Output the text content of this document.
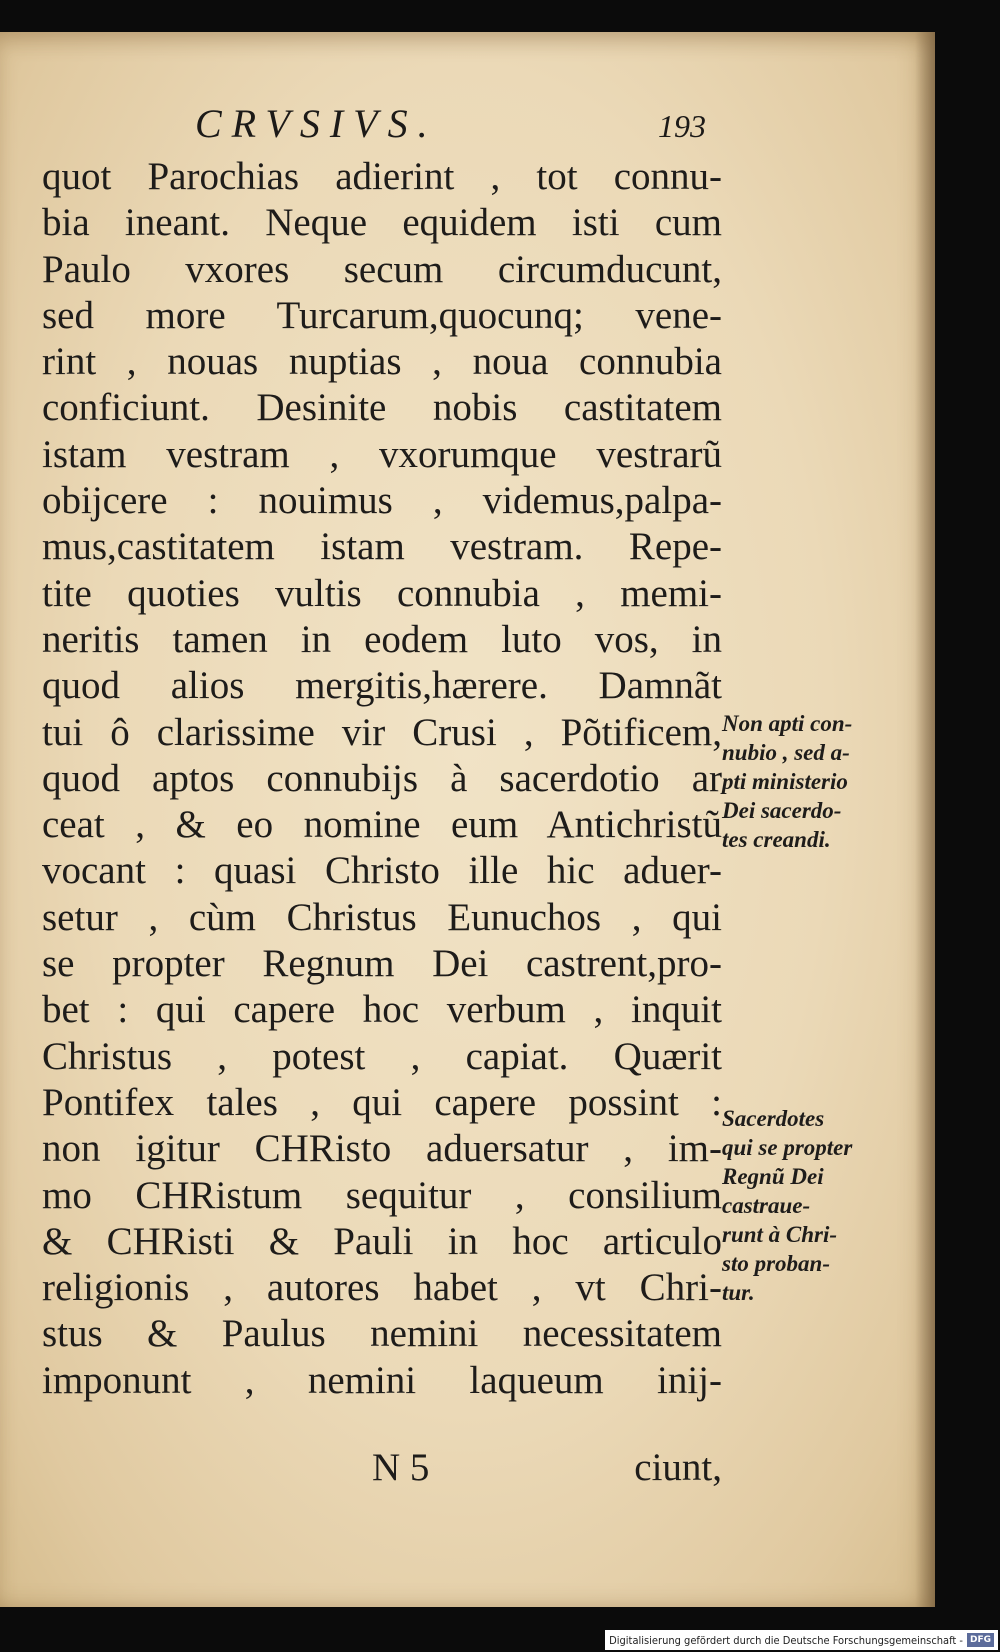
CRVSIVS.	193
quot Parochias adierint , tot connu-
bia ineant. Neque equidem isti cum
Paulo vxores secum circumducunt,
sed more Turcarum,quocunq; vene-
rint , nouas nuptias , noua connubia
conficiunt. Desinite nobis castitatem
istam vestram , vxorumque vestrarũ
obijcere : nouimus , videmus,palpa-
mus,castitatem istam vestram. Repe-
tite quoties vultis connubia , memi-
neritis tamen in eodem luto vos, in
quod alios mergitis,hærere. Damnãt
tui ô clarissime vir Crusi , Põtificem,
quod aptos connubijs à sacerdotio ar
ceat , & eo nomine eum Antichristũ
vocant : quasi Christo ille hic aduer-
setur , cùm Christus Eunuchos , qui
se propter Regnum Dei castrent,pro-
bet : qui capere hoc verbum , inquit
Christus , potest , capiat. Quærit
Pontifex tales , qui capere possint :
non igitur CHRisto aduersatur , im-
mo CHRistum sequitur , consilium
& CHRisti & Pauli in hoc articulo
religionis , autores habet , vt Chri-
stus & Paulus nemini necessitatem
imponunt , nemini laqueum inij-
Non apti con-
nubio , sed a-
pti ministerio
Dei sacerdo-
tes creandi.
Sacerdotes
qui se propter
Regnũ Dei
castraue-
runt à Chri-
sto proban-
tur.
N 5	ciunt,
Digitalisierung gefördert durch die Deutsche Forschungsgemeinschaft - DFG
